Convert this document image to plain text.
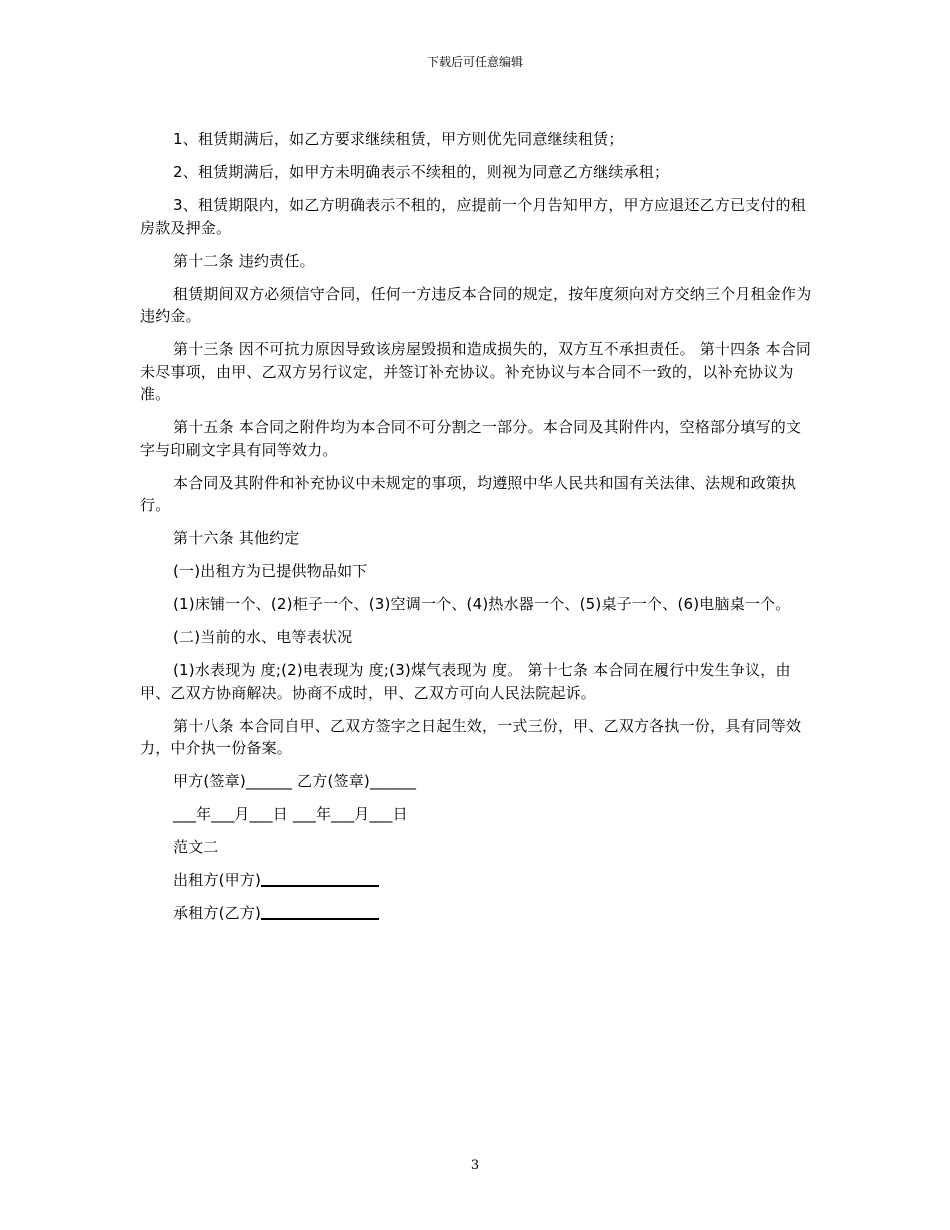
下载后可任意编辑

1、租赁期满后，如乙方要求继续租赁，甲方则优先同意继续租赁；

2、租赁期满后，如甲方未明确表示不续租的，则视为同意乙方继续承租；

3、租赁期限内，如乙方明确表示不租的，应提前一个月告知甲方，甲方应退还乙方已支付的租房款及押金。

第十二条 违约责任。

租赁期间双方必须信守合同，任何一方违反本合同的规定，按年度须向对方交纳三个月租金作为违约金。

第十三条 因不可抗力原因导致该房屋毁损和造成损失的，双方互不承担责任。 第十四条 本合同未尽事项，由甲、乙双方另行议定，并签订补充协议。补充协议与本合同不一致的，以补充协议为准。

第十五条 本合同之附件均为本合同不可分割之一部分。本合同及其附件内，空格部分填写的文字与印刷文字具有同等效力。

本合同及其附件和补充协议中未规定的事项，均遵照中华人民共和国有关法律、法规和政策执行。

第十六条 其他约定

(一)出租方为已提供物品如下

(1)床铺一个、(2)柜子一个、(3)空调一个、(4)热水器一个、(5)桌子一个、(6)电脑桌一个。

(二)当前的水、电等表状况

(1)水表现为 度;(2)电表现为 度;(3)煤气表现为 度。 第十七条 本合同在履行中发生争议，由甲、乙双方协商解决。协商不成时，甲、乙双方可向人民法院起诉。

第十八条 本合同自甲、乙双方签字之日起生效，一式三份，甲、乙双方各执一份，具有同等效力，中介执一份备案。

甲方(签章)______ 乙方(签章)______

___年___月___日 ___年___月___日

范文二

出租方(甲方)

承租方(乙方)

3
